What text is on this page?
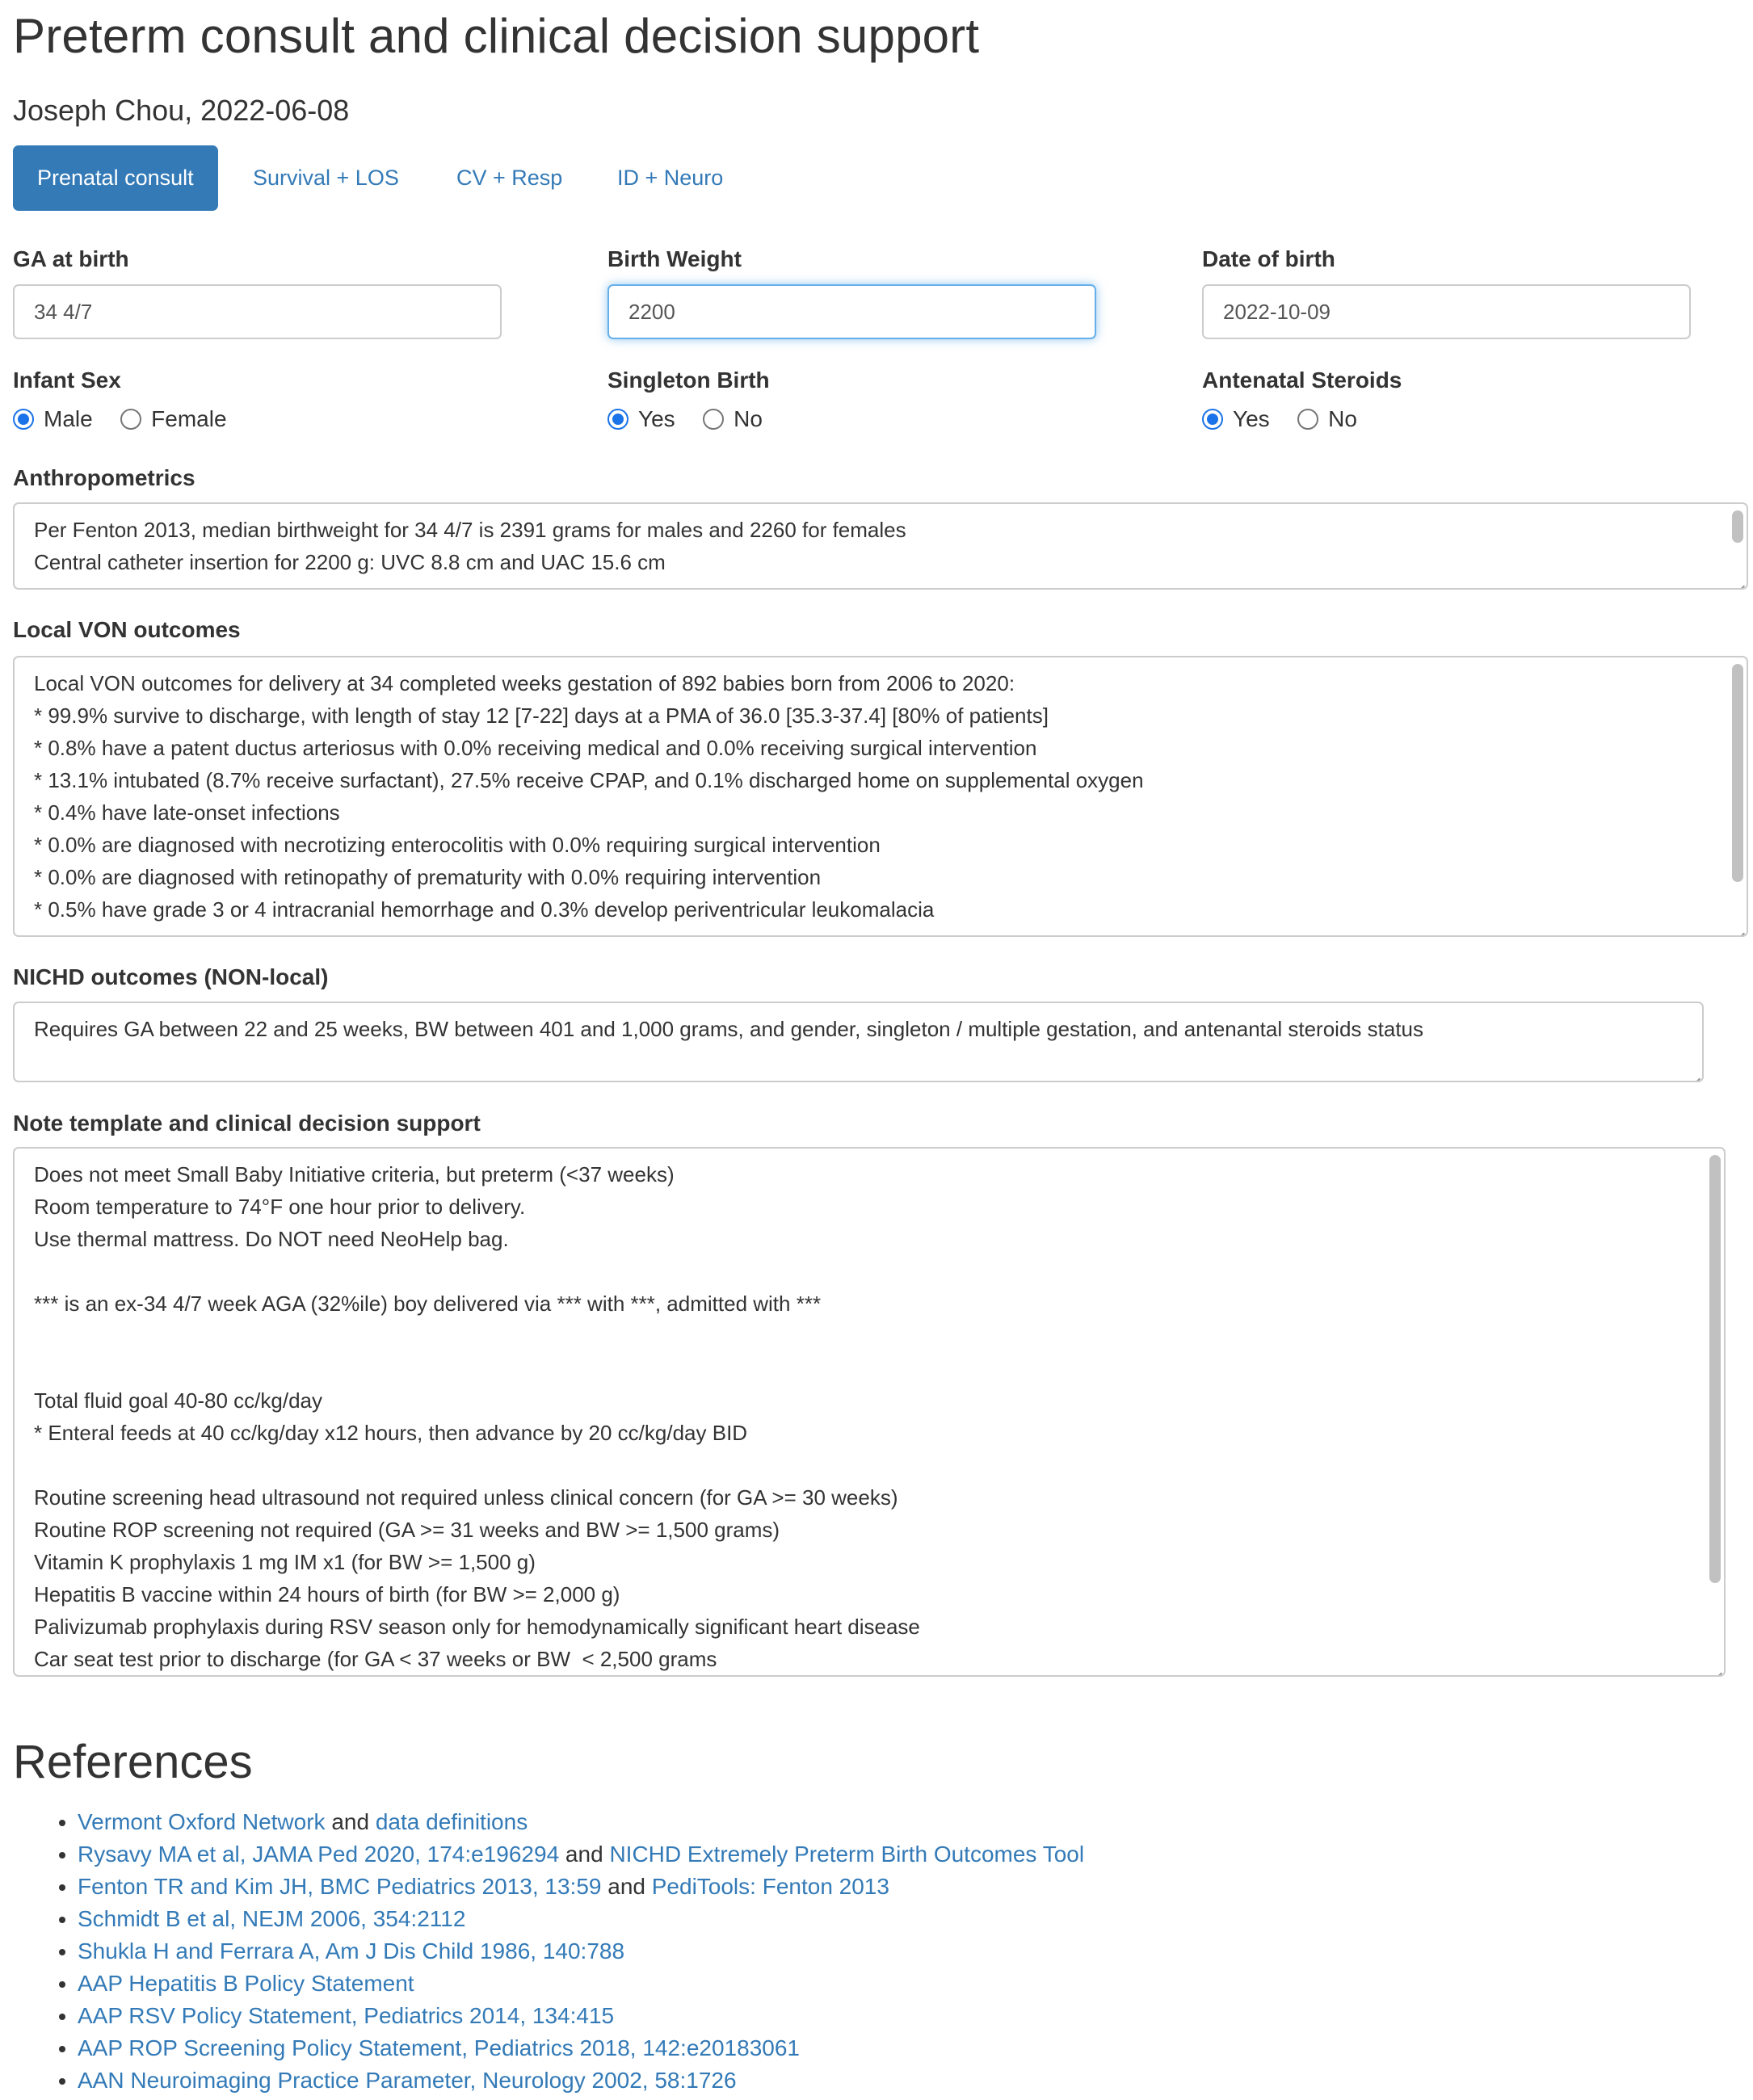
Preterm consult and clinical decision support
Joseph Chou, 2022-06-08
Prenatal consult	Survival + LOS	CV + Resp	ID + Neuro
GA at birth
34 4/7
Birth Weight
2200
Date of birth
2022-10-09
Infant Sex
Male	Female
Singleton Birth
Yes	No
Antenatal Steroids
Yes	No
Anthropometrics
Per Fenton 2013, median birthweight for 34 4/7 is 2391 grams for males and 2260 for females
Central catheter insertion for 2200 g: UVC 8.8 cm and UAC 15.6 cm
Local VON outcomes
Local VON outcomes for delivery at 34 completed weeks gestation of 892 babies born from 2006 to 2020:
* 99.9% survive to discharge, with length of stay 12 [7-22] days at a PMA of 36.0 [35.3-37.4] [80% of patients]
* 0.8% have a patent ductus arteriosus with 0.0% receiving medical and 0.0% receiving surgical intervention
* 13.1% intubated (8.7% receive surfactant), 27.5% receive CPAP, and 0.1% discharged home on supplemental oxygen
* 0.4% have late-onset infections
* 0.0% are diagnosed with necrotizing enterocolitis with 0.0% requiring surgical intervention
* 0.0% are diagnosed with retinopathy of prematurity with 0.0% requiring intervention
* 0.5% have grade 3 or 4 intracranial hemorrhage and 0.3% develop periventricular leukomalacia
NICHD outcomes (NON-local)
Requires GA between 22 and 25 weeks, BW between 401 and 1,000 grams, and gender, singleton / multiple gestation, and antenantal steroids status
Note template and clinical decision support
Does not meet Small Baby Initiative criteria, but preterm (<37 weeks)
Room temperature to 74°F one hour prior to delivery.
Use thermal mattress. Do NOT need NeoHelp bag.
*** is an ex-34 4/7 week AGA (32%ile) boy delivered via *** with ***, admitted with ***
Total fluid goal 40-80 cc/kg/day
* Enteral feeds at 40 cc/kg/day x12 hours, then advance by 20 cc/kg/day BID
Routine screening head ultrasound not required unless clinical concern (for GA >= 30 weeks)
Routine ROP screening not required (GA >= 31 weeks and BW >= 1,500 grams)
Vitamin K prophylaxis 1 mg IM x1 (for BW >= 1,500 g)
Hepatitis B vaccine within 24 hours of birth (for BW >= 2,000 g)
Palivizumab prophylaxis during RSV season only for hemodynamically significant heart disease
Car seat test prior to discharge (for GA < 37 weeks or BW  < 2,500 grams
References
• Vermont Oxford Network and data definitions
• Rysavy MA et al, JAMA Ped 2020, 174:e196294 and NICHD Extremely Preterm Birth Outcomes Tool
• Fenton TR and Kim JH, BMC Pediatrics 2013, 13:59 and PediTools: Fenton 2013
• Schmidt B et al, NEJM 2006, 354:2112
• Shukla H and Ferrara A, Am J Dis Child 1986, 140:788
• AAP Hepatitis B Policy Statement
• AAP RSV Policy Statement, Pediatrics 2014, 134:415
• AAP ROP Screening Policy Statement, Pediatrics 2018, 142:e20183061
• AAN Neuroimaging Practice Parameter, Neurology 2002, 58:1726
